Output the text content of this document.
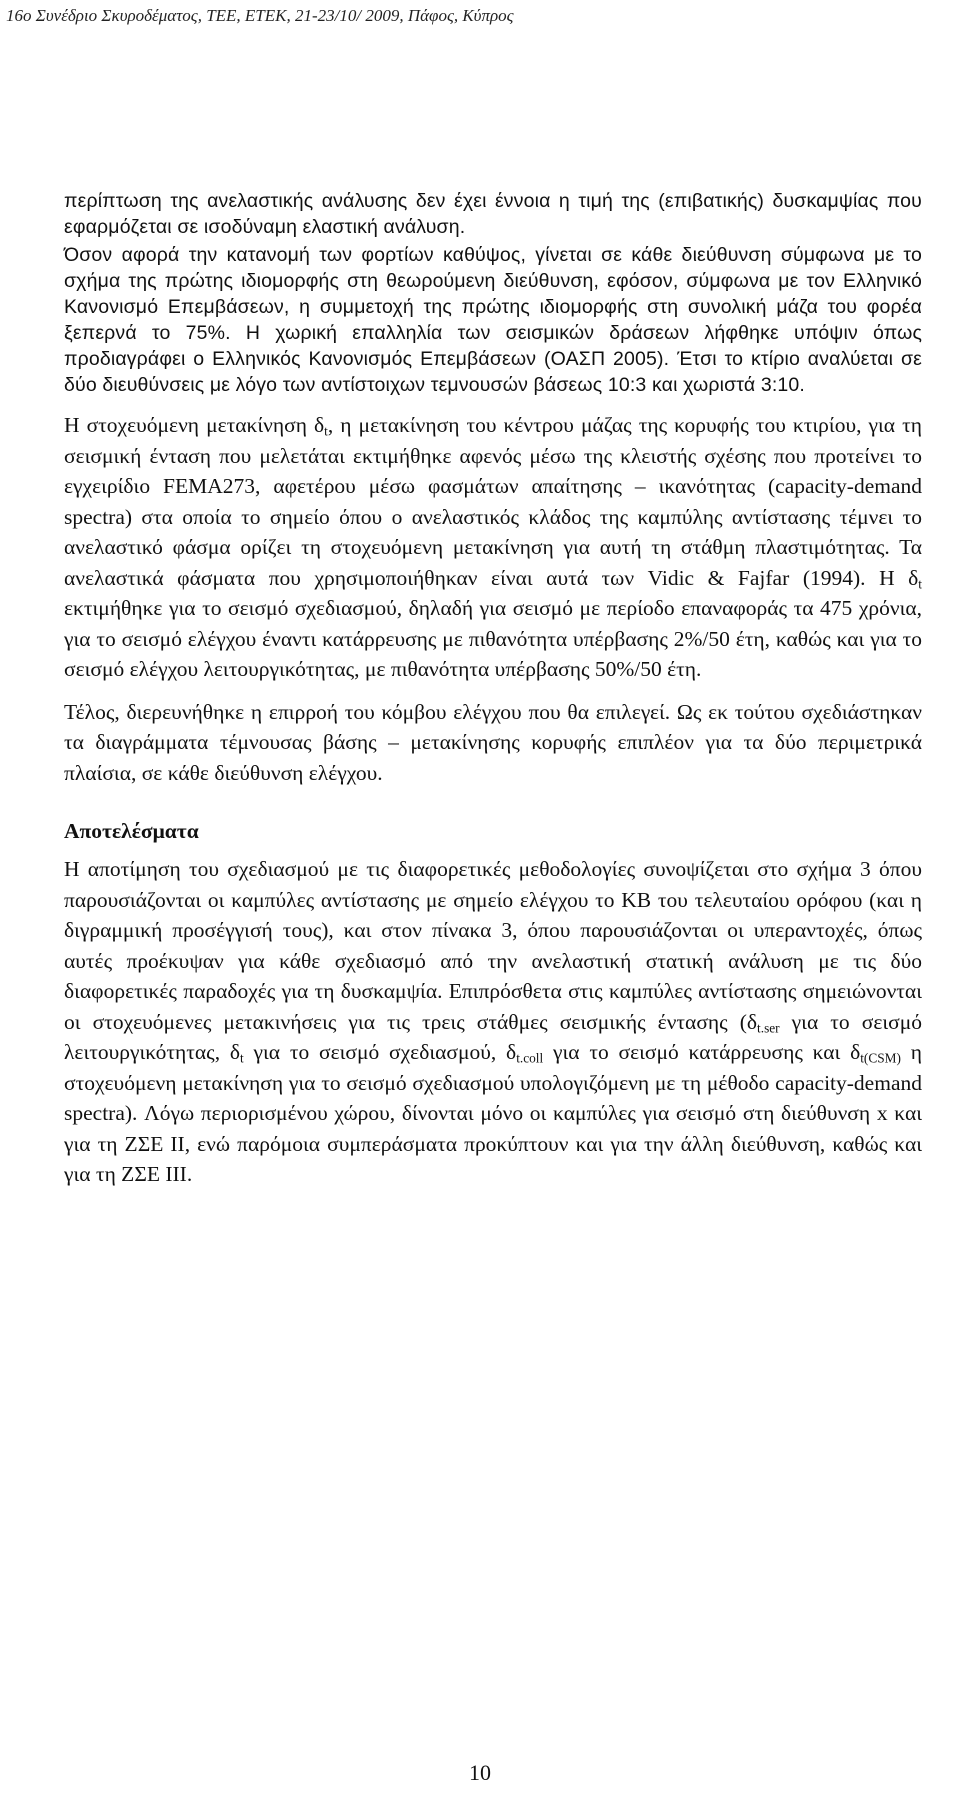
16ο Συνέδριο Σκυροδέματος, ΤΕΕ, ΕΤΕΚ, 21-23/10/ 2009, Πάφος, Κύπρος

περίπτωση της ανελαστικής ανάλυσης δεν έχει έννοια η τιμή της (επιβατικής) δυσκαμψίας που εφαρμόζεται σε ισοδύναμη ελαστική ανάλυση.

Όσον αφορά την κατανομή των φορτίων καθύψος, γίνεται σε κάθε διεύθυνση σύμφωνα με το σχήμα της πρώτης ιδιομορφής στη θεωρούμενη διεύθυνση, εφόσον, σύμφωνα με τον Ελληνικό Κανονισμό Επεμβάσεων, η συμμετοχή της πρώτης ιδιομορφής στη συνολική μάζα του φορέα ξεπερνά το 75%. Η χωρική επαλληλία των σεισμικών δράσεων λήφθηκε υπόψιν όπως προδιαγράφει ο Ελληνικός Κανονισμός Επεμβάσεων (ΟΑΣΠ 2005). Έτσι το κτίριο αναλύεται σε δύο διευθύνσεις με λόγο των αντίστοιχων τεμνουσών βάσεως 10:3 και χωριστά 3:10.

Η στοχευόμενη μετακίνηση $\delta_t$, η μετακίνηση του κέντρου μάζας της κορυφής του κτιρίου, για τη σεισμική ένταση που μελετάται εκτιμήθηκε αφενός μέσω της κλειστής σχέσης που προτείνει το εγχειρίδιο FEMA273, αφετέρου μέσω φασμάτων απαίτησης – ικανότητας (capacity-demand spectra) στα οποία το σημείο όπου ο ανελαστικός κλάδος της καμπύλης αντίστασης τέμνει το ανελαστικό φάσμα ορίζει τη στοχευόμενη μετακίνηση για αυτή τη στάθμη πλαστιμότητας. Τα ανελαστικά φάσματα που χρησιμοποιήθηκαν είναι αυτά των Vidic & Fajfar (1994). Η $\delta_t$ εκτιμήθηκε για το σεισμό σχεδιασμού, δηλαδή για σεισμό με περίοδο επαναφοράς τα 475 χρόνια, για το σεισμό ελέγχου έναντι κατάρρευσης με πιθανότητα υπέρβασης 2%/50 έτη, καθώς και για το σεισμό ελέγχου λειτουργικότητας, με πιθανότητα υπέρβασης 50%/50 έτη.

Τέλος, διερευνήθηκε η επιρροή του κόμβου ελέγχου που θα επιλεγεί. Ως εκ τούτου σχεδιάστηκαν τα διαγράμματα τέμνουσας βάσης – μετακίνησης κορυφής επιπλέον για τα δύο περιμετρικά πλαίσια, σε κάθε διεύθυνση ελέγχου.

Αποτελέσματα

Η αποτίμηση του σχεδιασμού με τις διαφορετικές μεθοδολογίες συνοψίζεται στο σχήμα 3 όπου παρουσιάζονται οι καμπύλες αντίστασης με σημείο ελέγχου το ΚΒ του τελευταίου ορόφου (και η διγραμμική προσέγγισή τους), και στον πίνακα 3, όπου παρουσιάζονται οι υπεραντοχές, όπως αυτές προέκυψαν για κάθε σχεδιασμό από την ανελαστική στατική ανάλυση με τις δύο διαφορετικές παραδοχές για τη δυσκαμψία. Επιπρόσθετα στις καμπύλες αντίστασης σημειώνονται οι στοχευόμενες μετακινήσεις για τις τρεις στάθμες σεισμικής έντασης ($\delta_{t.ser}$ για το σεισμό λειτουργικότητας, $\delta_t$ για το σεισμό σχεδιασμού, $\delta_{t.coll}$ για το σεισμό κατάρρευσης και $\delta_{t(CSM)}$ η στοχευόμενη μετακίνηση για το σεισμό σχεδιασμού υπολογιζόμενη με τη μέθοδο capacity-demand spectra). Λόγω περιορισμένου χώρου, δίνονται μόνο οι καμπύλες για σεισμό στη διεύθυνση x και για τη ΖΣΕ ΙΙ, ενώ παρόμοια συμπεράσματα προκύπτουν και για την άλλη διεύθυνση, καθώς και για τη ΖΣΕ ΙΙΙ.

10
